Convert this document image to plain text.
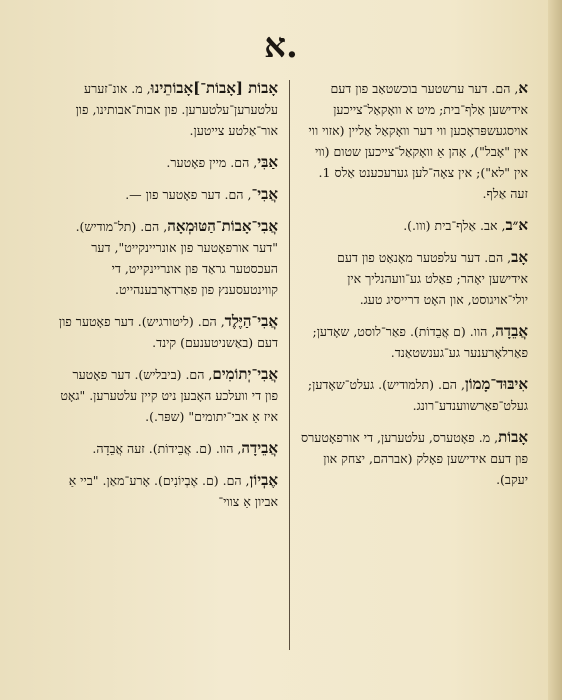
א.

א, הם. דער ערשטער בוכשטאַב פון דעם אידישען אַלף־בית; מיט א וואָקאַל־צייכען אויסגעשפּראָכען ווי דער וואָקאַל אַליין (אזוי ווי אין "אָבל"), אָהן אַ וואָקאַל־צייכען שטום (ווי אין "לא"); אין צאָה־לען גערעכענט אַלס 1. זעה אַלף.

א״ב, אב. אַלף־בית (ווו.).

אָב, הם. דער עלפטער מאָנאַט פון דעם אידישען יאָהר; פאַלט גע־וועהנליך אין יולי־אויגוסט, און האָט דרייסיג טעג.

אֲבֵדָה, הוו. (ם אֲבֵדוֹת). פאַר־לוסט, שאָדען; פאַרלאָרענער גע־גענשטאַנד.

אִיבּוּד־מָמוֹן, הם. (תלמודיש). געלט־שאָדען; געלט־פאַרשווענדע־רונג.

אָבוֹת, מ. פאָטערס, עלטערען, די אורפאָטערס פון דעם אידישען פאָלק (אברהם, יצחק און יעקב).

אָבוֹת [אָבוֹת־]אָבוֹתֵינוּ, מ. אונ־זערע עלטערען־עלטערען. פון אבות־אבותינו, פון אור־אַלטע צייטען.

אַבִּי, הם. מיין פאָטער.

אֲבִי־, הם. דער פאָטער פון —.

אֲבִי־אָבוֹת־הַטּוּמְאָה, הם. (תל־מודיש). "דער אורפאָטער פון אונריינקייט", דער העכסטער גראַד פון אונריינקייט, די קווינטעסענץ פון פאַרדאָרבענהייט.

אֲבִי־הַיֶּלֶד, הם. (ליטורגיש). דער פאָטער פון דעם (באַשניטענעם) קינד.

אֲבִי־יְתוֹמִים, הם. (ביבליש). דער פאָטער פון די וועלכע האָבען ניט קיין עלטערען. "גאָט איז אַ אבי־יתומים" (שפּר.).

אֲבֵידָה, הוו. (ם. אֲבֵידוֹת). זעה אֲבֵדָה.

אֶבְיוֹן, הם. (ם. אֶבְיוֹנִים). אָרע־מאַן. "ביי אַ אביון אַ צווי־
